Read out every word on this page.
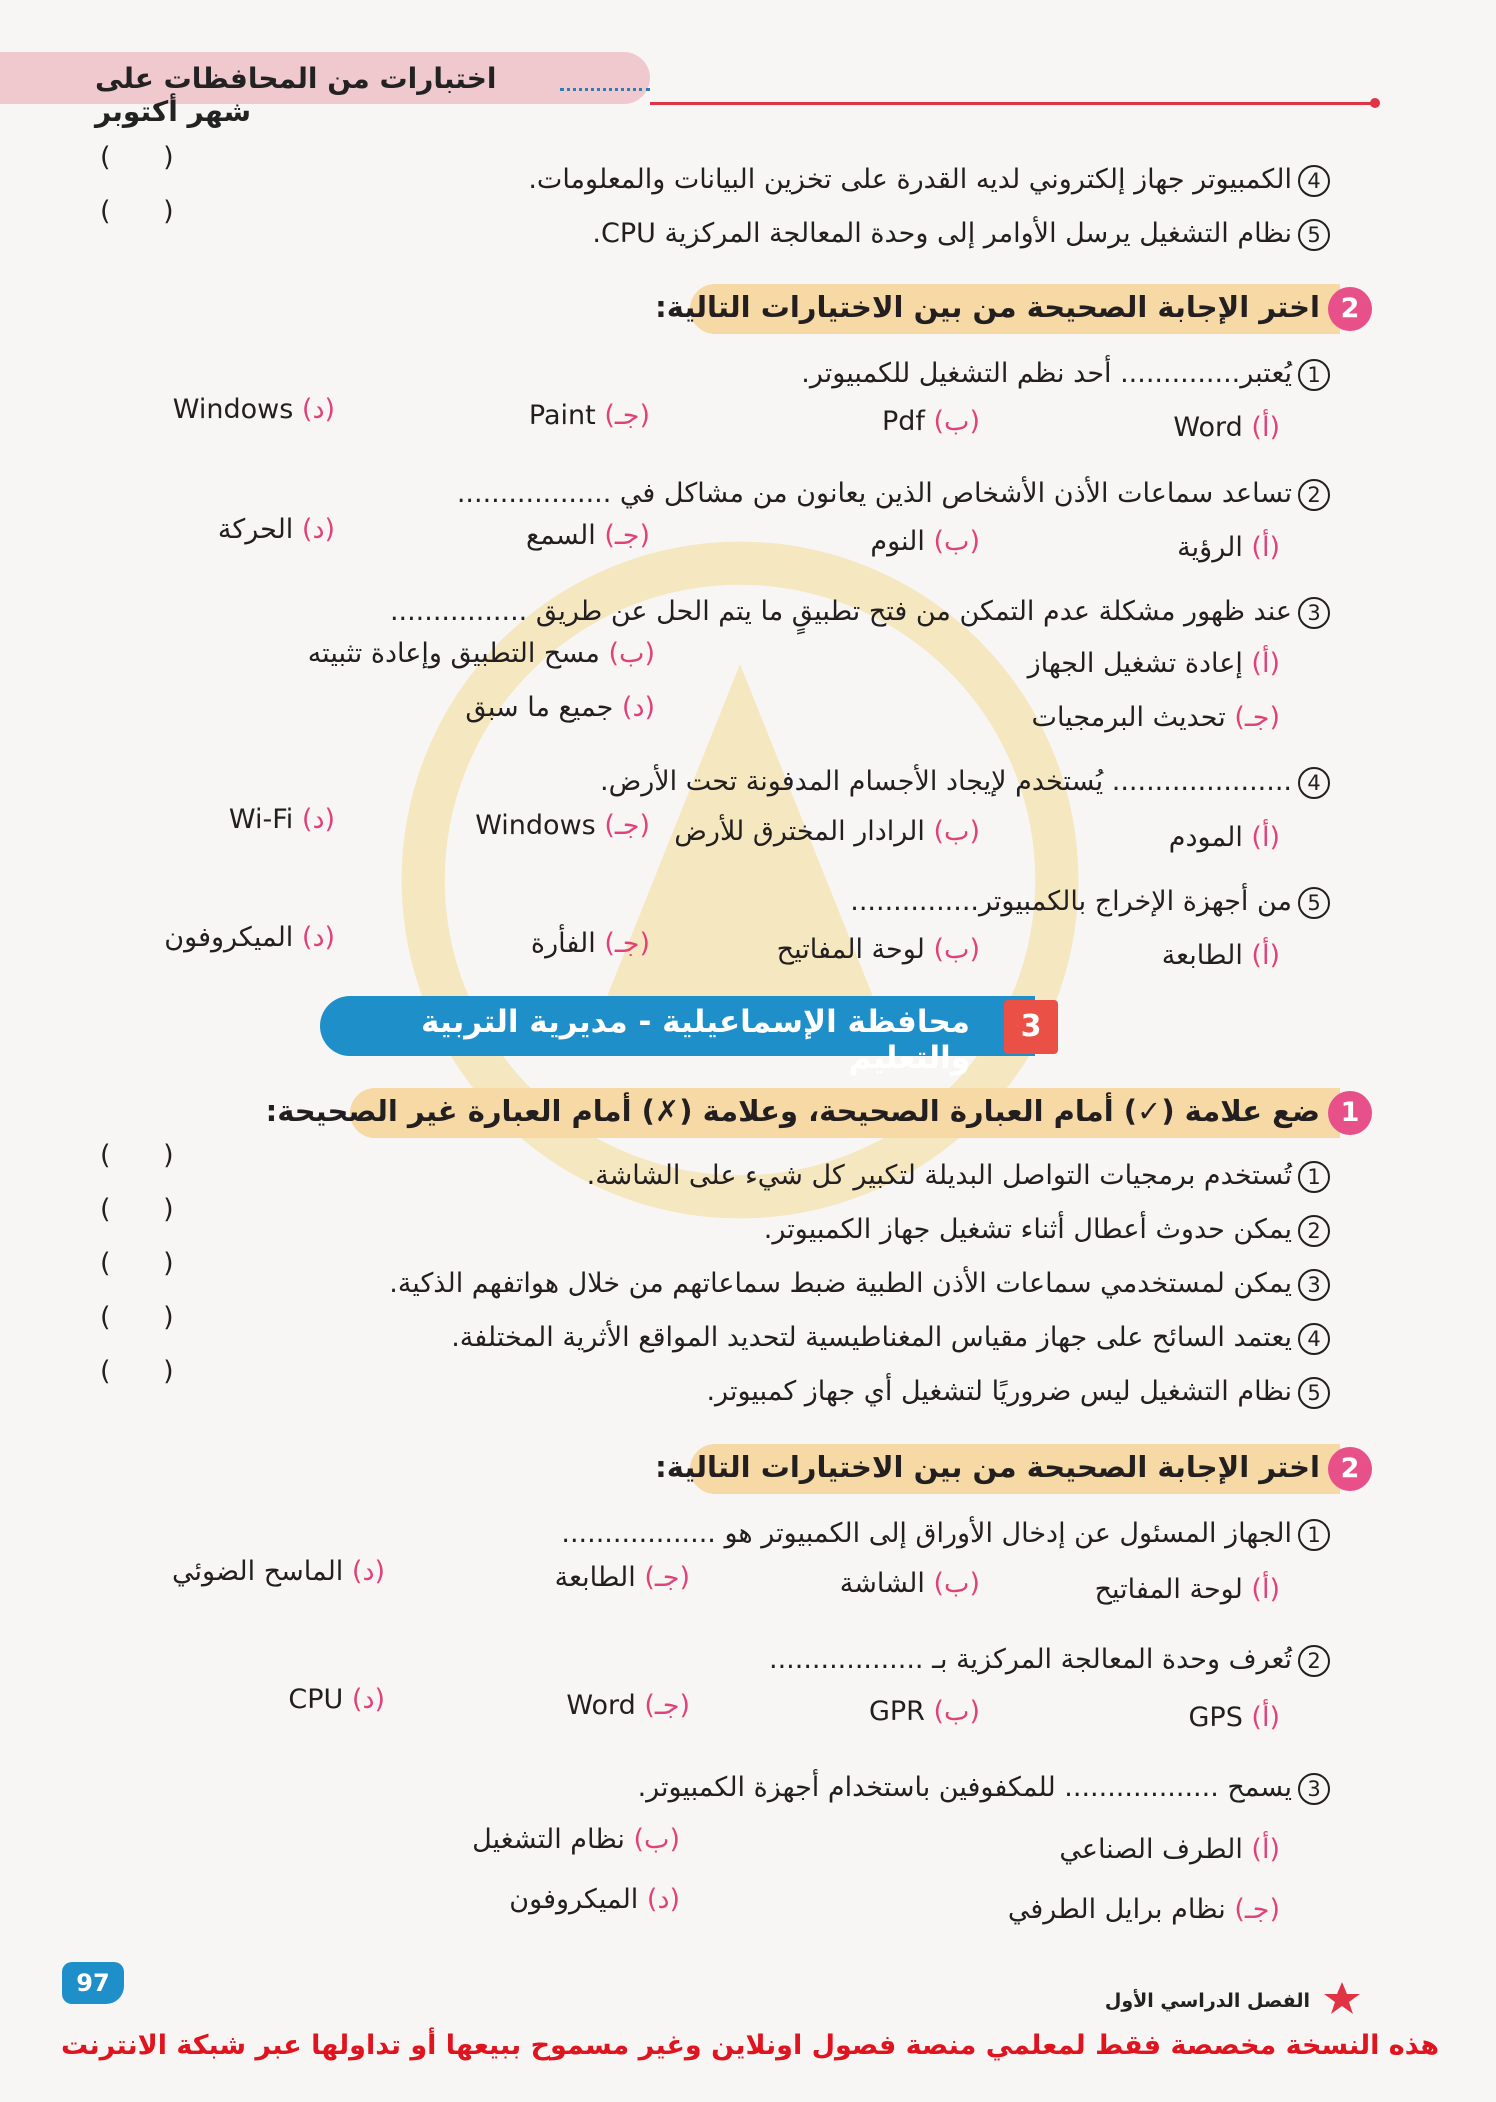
اختبارات من المحافظات على شهر أكتوبر
( )
4الكمبيوتر جهاز إلكتروني لديه القدرة على تخزين البيانات والمعلومات.
( )
5نظام التشغيل يرسل الأوامر إلى وحدة المعالجة المركزية CPU.
2
اختر الإجابة الصحيحة من بين الاختيارات التالية:
1يُعتبر.............. أحد نظم التشغيل للكمبيوتر.
(أ) Word
(ب) Pdf
(جـ) Paint
(د) Windows
2تساعد سماعات الأذن الأشخاص الذين يعانون من مشاكل في ..................
(أ) الرؤية
(ب) النوم
(جـ) السمع
(د) الحركة
3عند ظهور مشكلة عدم التمكن من فتح تطبيقٍ ما يتم الحل عن طريق ................
(أ) إعادة تشغيل الجهاز
(ب) مسح التطبيق وإعادة تثبيته
(جـ) تحديث البرمجيات
(د) جميع ما سبق
4..................... يُستخدم لإيجاد الأجسام المدفونة تحت الأرض.
(أ) المودم
(ب) الرادار المخترق للأرض
(جـ) Windows
(د) Wi-Fi
5من أجهزة الإخراج بالكمبيوتر...............
(أ) الطابعة
(ب) لوحة المفاتيح
(جـ) الفأرة
(د) الميكروفون
محافظة الإسماعيلية - مديرية التربية والتعليم
3
1
ضع علامة (✓) أمام العبارة الصحيحة، وعلامة (✗) أمام العبارة غير الصحيحة:
( )
1تُستخدم برمجيات التواصل البديلة لتكبير كل شيء على الشاشة.
( )
2يمكن حدوث أعطال أثناء تشغيل جهاز الكمبيوتر.
( )
3يمكن لمستخدمي سماعات الأذن الطبية ضبط سماعاتهم من خلال هواتفهم الذكية.
( )
4يعتمد السائح على جهاز مقياس المغناطيسية لتحديد المواقع الأثرية المختلفة.
( )
5نظام التشغيل ليس ضروريًا لتشغيل أي جهاز كمبيوتر.
2
اختر الإجابة الصحيحة من بين الاختيارات التالية:
1الجهاز المسئول عن إدخال الأوراق إلى الكمبيوتر هو ..................
(أ) لوحة المفاتيح
(ب) الشاشة
(جـ) الطابعة
(د) الماسح الضوئي
2تُعرف وحدة المعالجة المركزية بـ ..................
(أ) GPS
(ب) GPR
(جـ) Word
(د) CPU
3يسمح .................. للمكفوفين باستخدام أجهزة الكمبيوتر.
(أ) الطرف الصناعي
(ب) نظام التشغيل
(جـ) نظام برايل الطرفي
(د) الميكروفون
97
الفصل الدراسي الأول
هذه النسخة مخصصة فقط لمعلمي منصة فصول اونلاين وغير مسموح ببيعها أو تداولها عبر شبكة الانترنت
